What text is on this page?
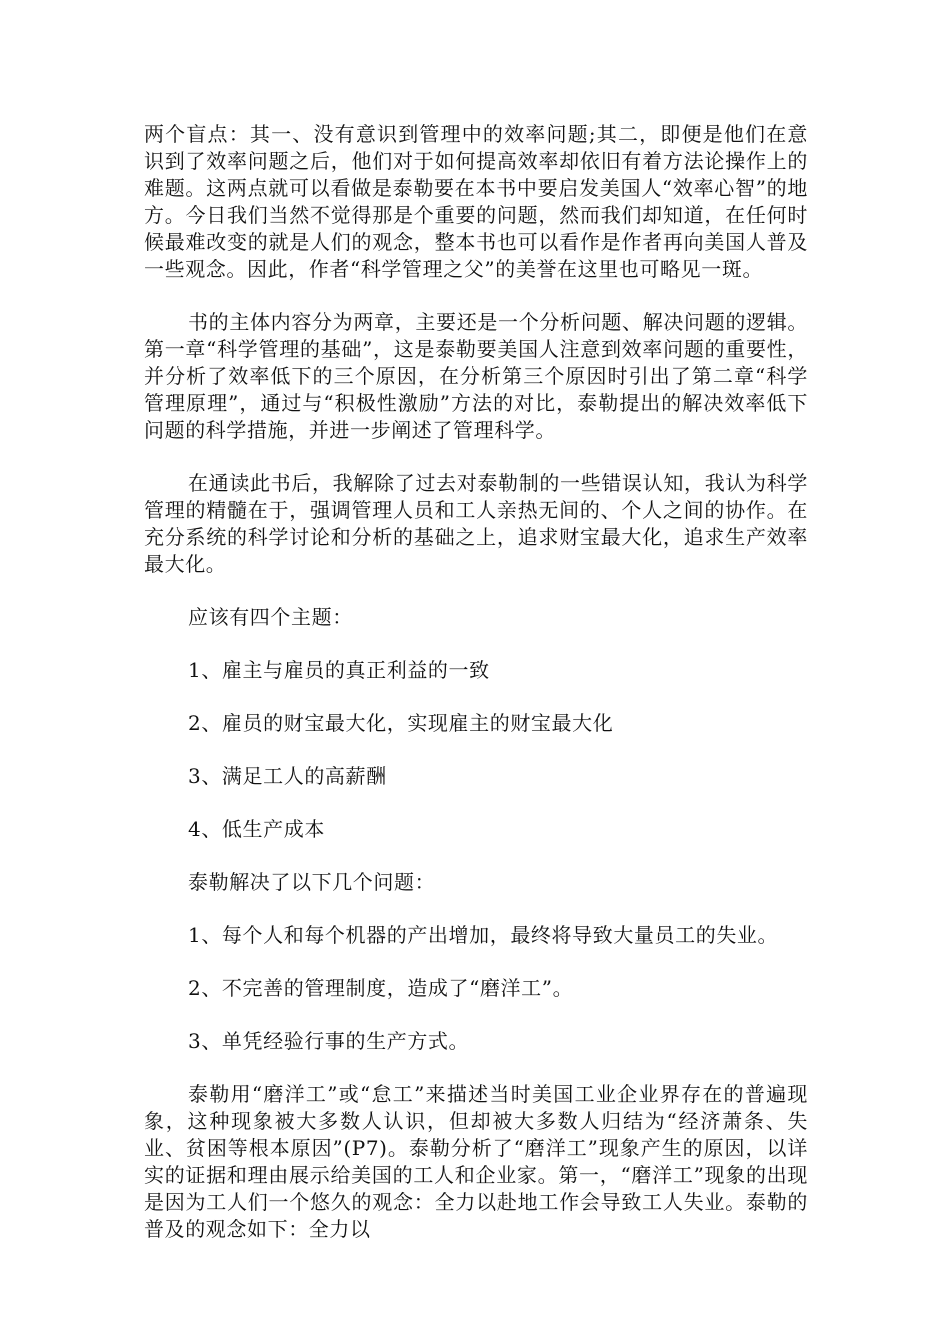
两个盲点：其一、没有意识到管理中的效率问题;其二，即便是他们在意识到了效率问题之后，他们对于如何提高效率却依旧有着方法论操作上的难题。这两点就可以看做是泰勒要在本书中要启发美国人“效率心智”的地方。今日我们当然不觉得那是个重要的问题，然而我们却知道，在任何时候最难改变的就是人们的观念，整本书也可以看作是作者再向美国人普及一些观念。因此，作者“科学管理之父”的美誉在这里也可略见一斑。

书的主体内容分为两章，主要还是一个分析问题、解决问题的逻辑。第一章“科学管理的基础”，这是泰勒要美国人注意到效率问题的重要性，并分析了效率低下的三个原因，在分析第三个原因时引出了第二章“科学管理原理”，通过与“积极性激励”方法的对比，泰勒提出的解决效率低下问题的科学措施，并进一步阐述了管理科学。

在通读此书后，我解除了过去对泰勒制的一些错误认知，我认为科学管理的精髓在于，强调管理人员和工人亲热无间的、个人之间的协作。在充分系统的科学讨论和分析的基础之上，追求财宝最大化，追求生产效率最大化。

应该有四个主题：

1、雇主与雇员的真正利益的一致

2、雇员的财宝最大化，实现雇主的财宝最大化

3、满足工人的高薪酬

4、低生产成本

泰勒解决了以下几个问题：

1、每个人和每个机器的产出增加，最终将导致大量员工的失业。

2、不完善的管理制度，造成了“磨洋工”。

3、单凭经验行事的生产方式。

泰勒用“磨洋工”或“怠工”来描述当时美国工业企业界存在的普遍现象，这种现象被大多数人认识，但却被大多数人归结为“经济萧条、失业、贫困等根本原因”(P7)。泰勒分析了“磨洋工”现象产生的原因，以详实的证据和理由展示给美国的工人和企业家。第一，“磨洋工”现象的出现是因为工人们一个悠久的观念：全力以赴地工作会导致工人失业。泰勒的普及的观念如下：全力以
